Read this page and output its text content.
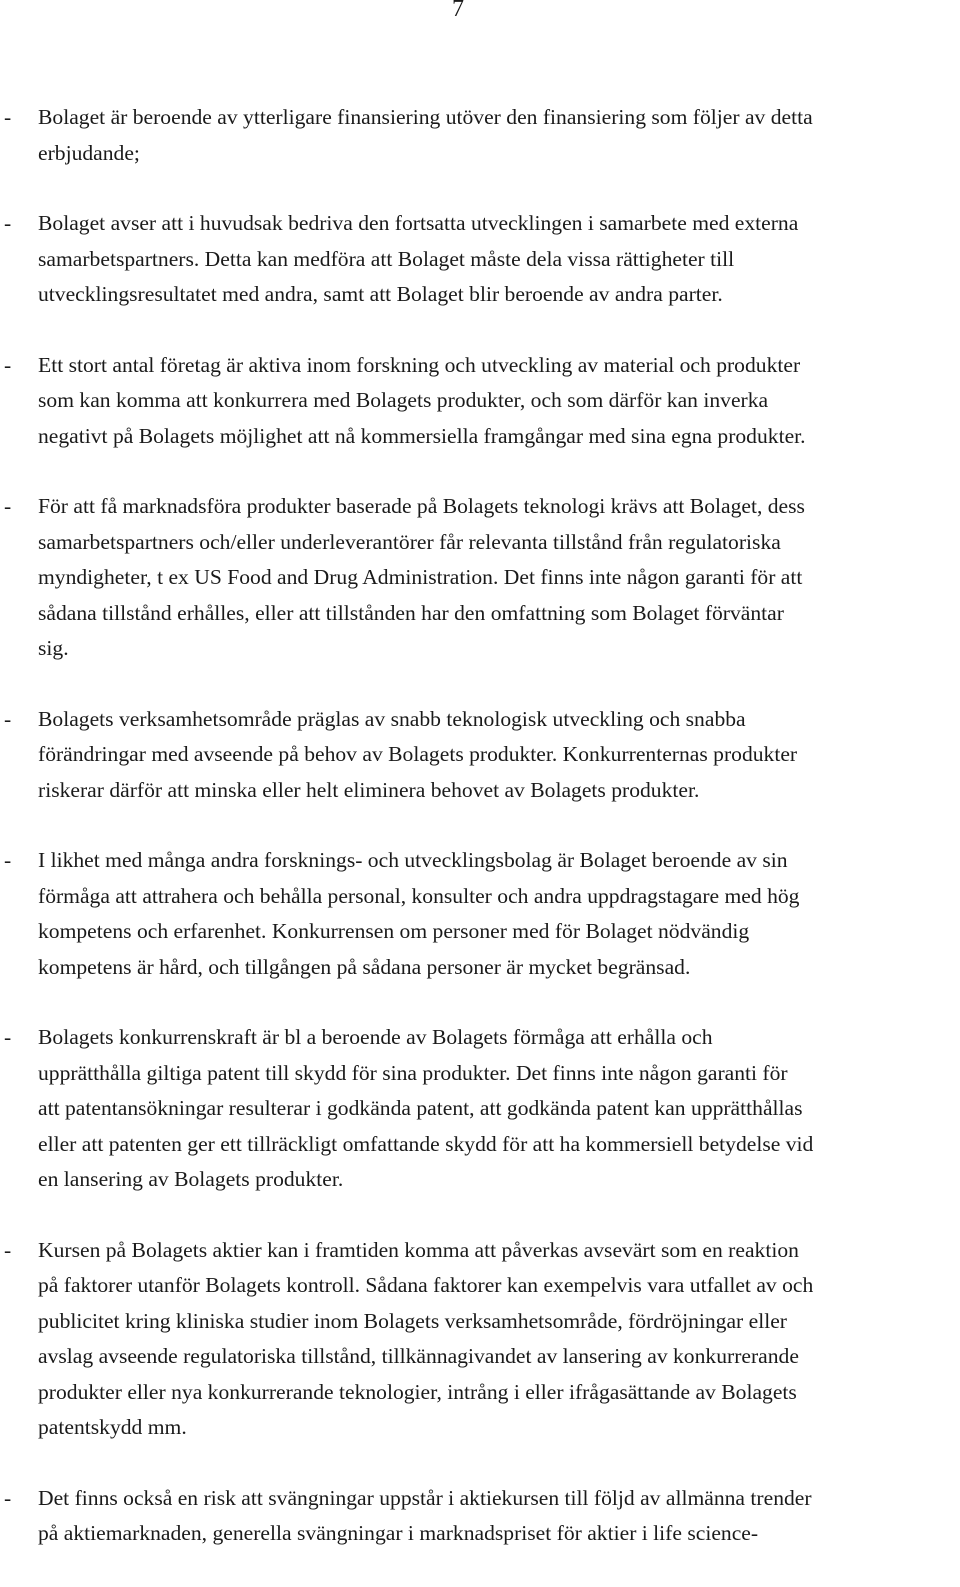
7
- Bolaget är beroende av ytterligare finansiering utöver den finansiering som följer av detta
erbjudande;
- Bolaget avser att i huvudsak bedriva den fortsatta utvecklingen i samarbete med externa
samarbetspartners. Detta kan medföra att Bolaget måste dela vissa rättigheter till
utvecklingsresultatet med andra, samt att Bolaget blir beroende av andra parter.
- Ett stort antal företag är aktiva inom forskning och utveckling av material och produkter
som kan komma att konkurrera med Bolagets produkter, och som därför kan inverka
negativt på Bolagets möjlighet att nå kommersiella framgångar med sina egna produkter.
- För att få marknadsföra produkter baserade på Bolagets teknologi krävs att Bolaget, dess
samarbetspartners och/eller underleverantörer får relevanta tillstånd från regulatoriska
myndigheter, t ex US Food and Drug Administration. Det finns inte någon garanti för att
sådana tillstånd erhålles, eller att tillstånden har den omfattning som Bolaget förväntar
sig.
- Bolagets verksamhetsområde präglas av snabb teknologisk utveckling och snabba
förändringar med avseende på behov av Bolagets produkter. Konkurrenternas produkter
riskerar därför att minska eller helt eliminera behovet av Bolagets produkter.
- I likhet med många andra forsknings- och utvecklingsbolag är Bolaget beroende av sin
förmåga att attrahera och behålla personal, konsulter och andra uppdragstagare med hög
kompetens och erfarenhet. Konkurrensen om personer med för Bolaget nödvändig
kompetens är hård, och tillgången på sådana personer är mycket begränsad.
- Bolagets konkurrenskraft är bl a beroende av Bolagets förmåga att erhålla och
upprätthålla giltiga patent till skydd för sina produkter. Det finns inte någon garanti för
att patentansökningar resulterar i godkända patent, att godkända patent kan upprätthållas
eller att patenten ger ett tillräckligt omfattande skydd för att ha kommersiell betydelse vid
en lansering av Bolagets produkter.
- Kursen på Bolagets aktier kan i framtiden komma att påverkas avsevärt som en reaktion
på faktorer utanför Bolagets kontroll. Sådana faktorer kan exempelvis vara utfallet av och
publicitet kring kliniska studier inom Bolagets verksamhetsområde, fördröjningar eller
avslag avseende regulatoriska tillstånd, tillkännagivandet av lansering av konkurrerande
produkter eller nya konkurrerande teknologier, intrång i eller ifrågasättande av Bolagets
patentskydd mm.
- Det finns också en risk att svängningar uppstår i aktiekursen till följd av allmänna trender
på aktiemarknaden, generella svängningar i marknadspriset för aktier i life science-
